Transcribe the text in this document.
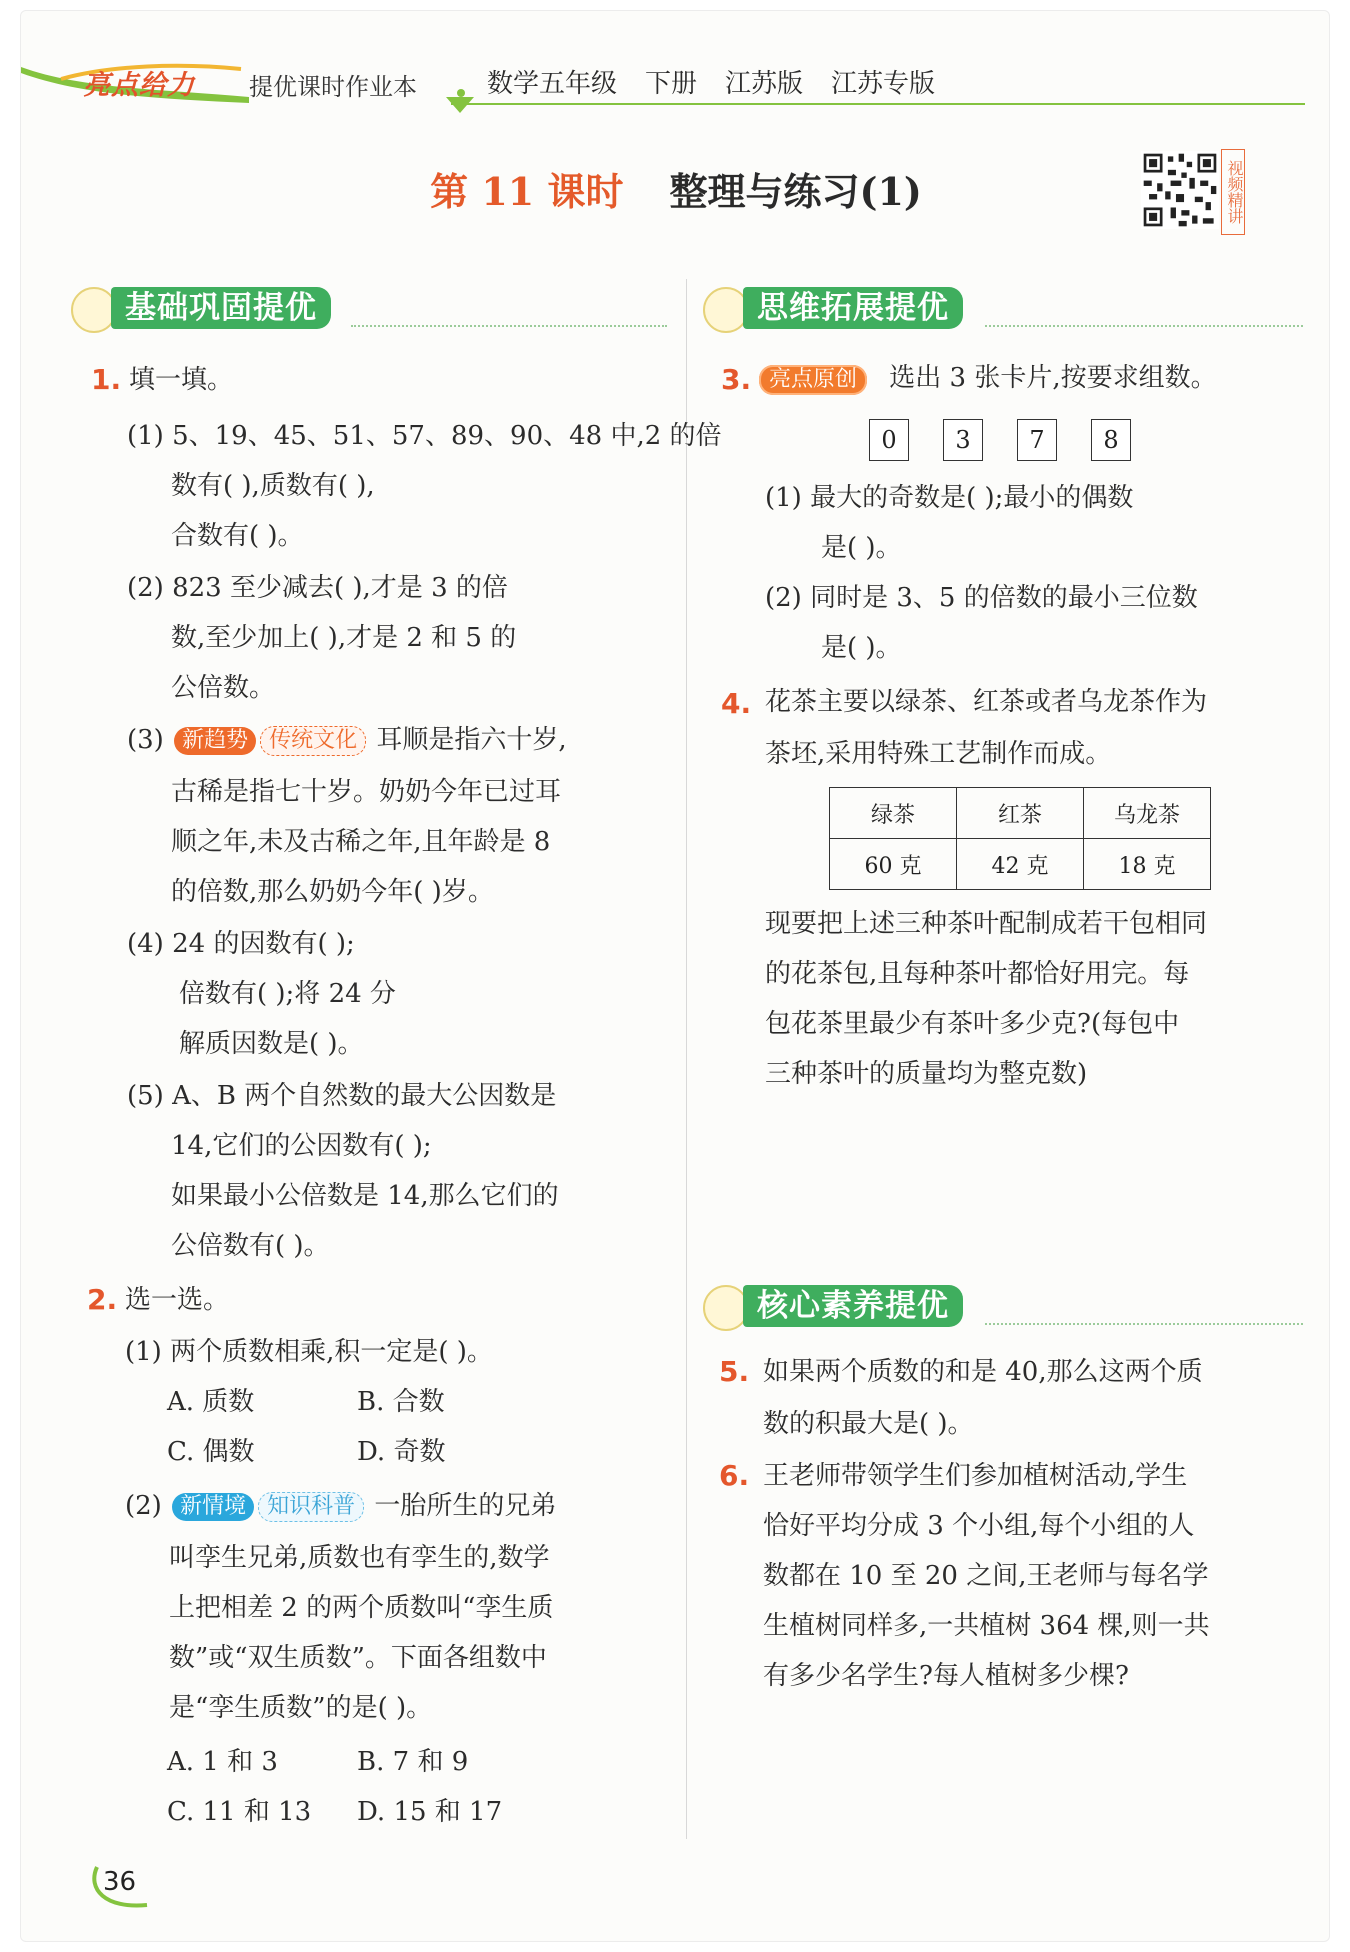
亮点给力 提优课时作业本	数学五年级 下册 江苏版 江苏专版
第 11 课时 整理与练习(1)	视频精讲
基础巩固提优	思维拓展提优
1. 填一填。
(1) 5、19、45、51、57、89、90、48 中,2 的倍
数有( ),质数有( ),
合数有( )。
(2) 823 至少减去( ),才是 3 的倍
数,至少加上( ),才是 2 和 5 的
公倍数。
(3) 新趋势 传统文化 耳顺是指六十岁,
古稀是指七十岁。奶奶今年已过耳
顺之年,未及古稀之年,且年龄是 8
的倍数,那么奶奶今年( )岁。
(4) 24 的因数有( );
倍数有( );将 24 分
解质因数是( )。
(5) A、B 两个自然数的最大公因数是
14,它们的公因数有( );
如果最小公倍数是 14,那么它们的
公倍数有( )。
2. 选一选。
(1) 两个质数相乘,积一定是( )。
A. 质数	B. 合数
C. 偶数	D. 奇数
(2) 新情境 知识科普 一胎所生的兄弟
叫孪生兄弟,质数也有孪生的,数学
上把相差 2 的两个质数叫“孪生质
数”或“双生质数”。下面各组数中
是“孪生质数”的是( )。
A. 1 和 3	B. 7 和 9
C. 11 和 13 D. 15 和 17
3. 亮点原创 选出 3 张卡片,按要求组数。
0	3	7	8
(1) 最大的奇数是( );最小的偶数
是( )。
(2) 同时是 3、5 的倍数的最小三位数
是( )。
4. 花茶主要以绿茶、红茶或者乌龙茶作为
茶坯,采用特殊工艺制作而成。
绿茶	红茶	乌龙茶
60 克	42 克	18 克
现要把上述三种茶叶配制成若干包相同
的花茶包,且每种茶叶都恰好用完。每
包花茶里最少有茶叶多少克?(每包中
三种茶叶的质量均为整克数)
核心素养提优
5. 如果两个质数的和是 40,那么这两个质
数的积最大是( )。
6. 王老师带领学生们参加植树活动,学生
恰好平均分成 3 个小组,每个小组的人
数都在 10 至 20 之间,王老师与每名学
生植树同样多,一共植树 364 棵,则一共
有多少名学生?每人植树多少棵?
36
